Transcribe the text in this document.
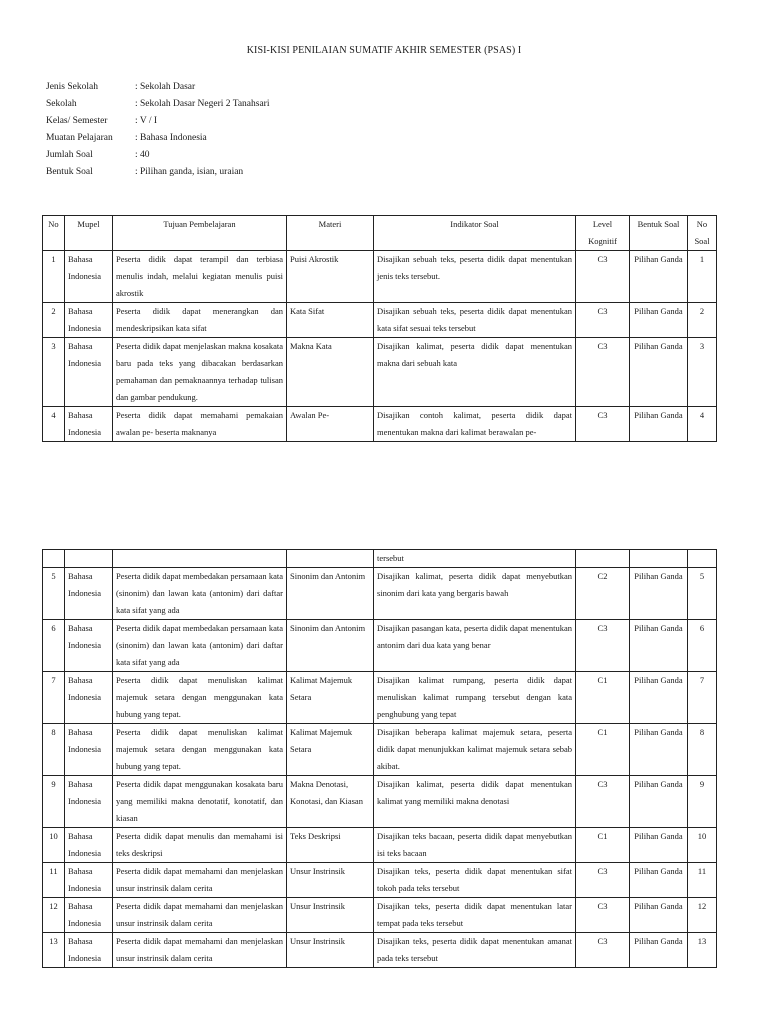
KISI-KISI PENILAIAN SUMATIF AKHIR SEMESTER (PSAS) I
Jenis Sekolah	: Sekolah Dasar
Sekolah	: Sekolah Dasar Negeri 2 Tanahsari
Kelas/ Semester	: V / I
Muatan Pelajaran	: Bahasa Indonesia
Jumlah Soal	: 40
Bentuk Soal	: Pilihan ganda, isian, uraian
No	Mupel	Tujuan Pembelajaran	Materi	Indikator Soal	Level Kognitif	Bentuk Soal	No Soal
1	Bahasa Indonesia	Peserta didik dapat terampil dan terbiasa menulis indah, melalui kegiatan menulis puisi akrostik	Puisi Akrostik	Disajikan sebuah teks, peserta didik dapat menentukan jenis teks tersebut.	C3	Pilihan Ganda	1
2	Bahasa Indonesia	Peserta didik dapat menerangkan dan mendeskripsikan kata sifat	Kata Sifat	Disajikan sebuah teks, peserta didik dapat menentukan kata sifat sesuai teks tersebut	C3	Pilihan Ganda	2
3	Bahasa Indonesia	Peserta didik dapat menjelaskan makna kosakata baru pada teks yang dibacakan berdasarkan pemahaman dan pemaknaannya terhadap tulisan dan gambar pendukung.	Makna Kata	Disajikan kalimat, peserta didik dapat menentukan makna dari sebuah kata	C3	Pilihan Ganda	3
4	Bahasa Indonesia	Peserta didik dapat memahami pemakaian awalan pe- beserta maknanya	Awalan Pe-	Disajikan contoh kalimat, peserta didik dapat menentukan makna dari kalimat berawalan pe-	C3	Pilihan Ganda	4
				tersebut			
5	Bahasa Indonesia	Peserta didik dapat membedakan persamaan kata (sinonim) dan lawan kata (antonim) dari daftar kata sifat yang ada	Sinonim dan Antonim	Disajikan kalimat, peserta didik dapat menyebutkan sinonim dari kata yang bergaris bawah	C2	Pilihan Ganda	5
6	Bahasa Indonesia	Peserta didik dapat membedakan persamaan kata (sinonim) dan lawan kata (antonim) dari daftar kata sifat yang ada	Sinonim dan Antonim	Disajikan pasangan kata, peserta didik dapat menentukan antonim dari dua kata yang benar	C3	Pilihan Ganda	6
7	Bahasa Indonesia	Peserta didik dapat menuliskan kalimat majemuk setara dengan menggunakan kata hubung yang tepat.	Kalimat Majemuk Setara	Disajikan kalimat rumpang, peserta didik dapat menuliskan kalimat rumpang tersebut dengan kata penghubung yang tepat	C1	Pilihan Ganda	7
8	Bahasa Indonesia	Peserta didik dapat menuliskan kalimat majemuk setara dengan menggunakan kata hubung yang tepat.	Kalimat Majemuk Setara	Disajikan beberapa kalimat majemuk setara, peserta didik dapat menunjukkan kalimat majemuk setara sebab akibat.	C1	Pilihan Ganda	8
9	Bahasa Indonesia	Peserta didik dapat menggunakan kosakata baru yang memiliki makna denotatif, konotatif, dan kiasan	Makna Denotasi, Konotasi, dan Kiasan	Disajikan kalimat, peserta didik dapat menentukan kalimat yang memiliki makna denotasi	C3	Pilihan Ganda	9
10	Bahasa Indonesia	Peserta didik dapat menulis dan memahami isi teks deskripsi	Teks Deskripsi	Disajikan teks bacaan, peserta didik dapat menyebutkan isi teks bacaan	C1	Pilihan Ganda	10
11	Bahasa Indonesia	Peserta didik dapat memahami dan menjelaskan unsur instrinsik dalam cerita	Unsur Instrinsik	Disajikan teks, peserta didik dapat menentukan sifat tokoh pada teks tersebut	C3	Pilihan Ganda	11
12	Bahasa Indonesia	Peserta didik dapat memahami dan menjelaskan unsur instrinsik dalam cerita	Unsur Instrinsik	Disajikan teks, peserta didik dapat menentukan latar tempat pada teks tersebut	C3	Pilihan Ganda	12
13	Bahasa Indonesia	Peserta didik dapat memahami dan menjelaskan unsur instrinsik dalam cerita	Unsur Instrinsik	Disajikan teks, peserta didik dapat menentukan amanat pada teks tersebut	C3	Pilihan Ganda	13
